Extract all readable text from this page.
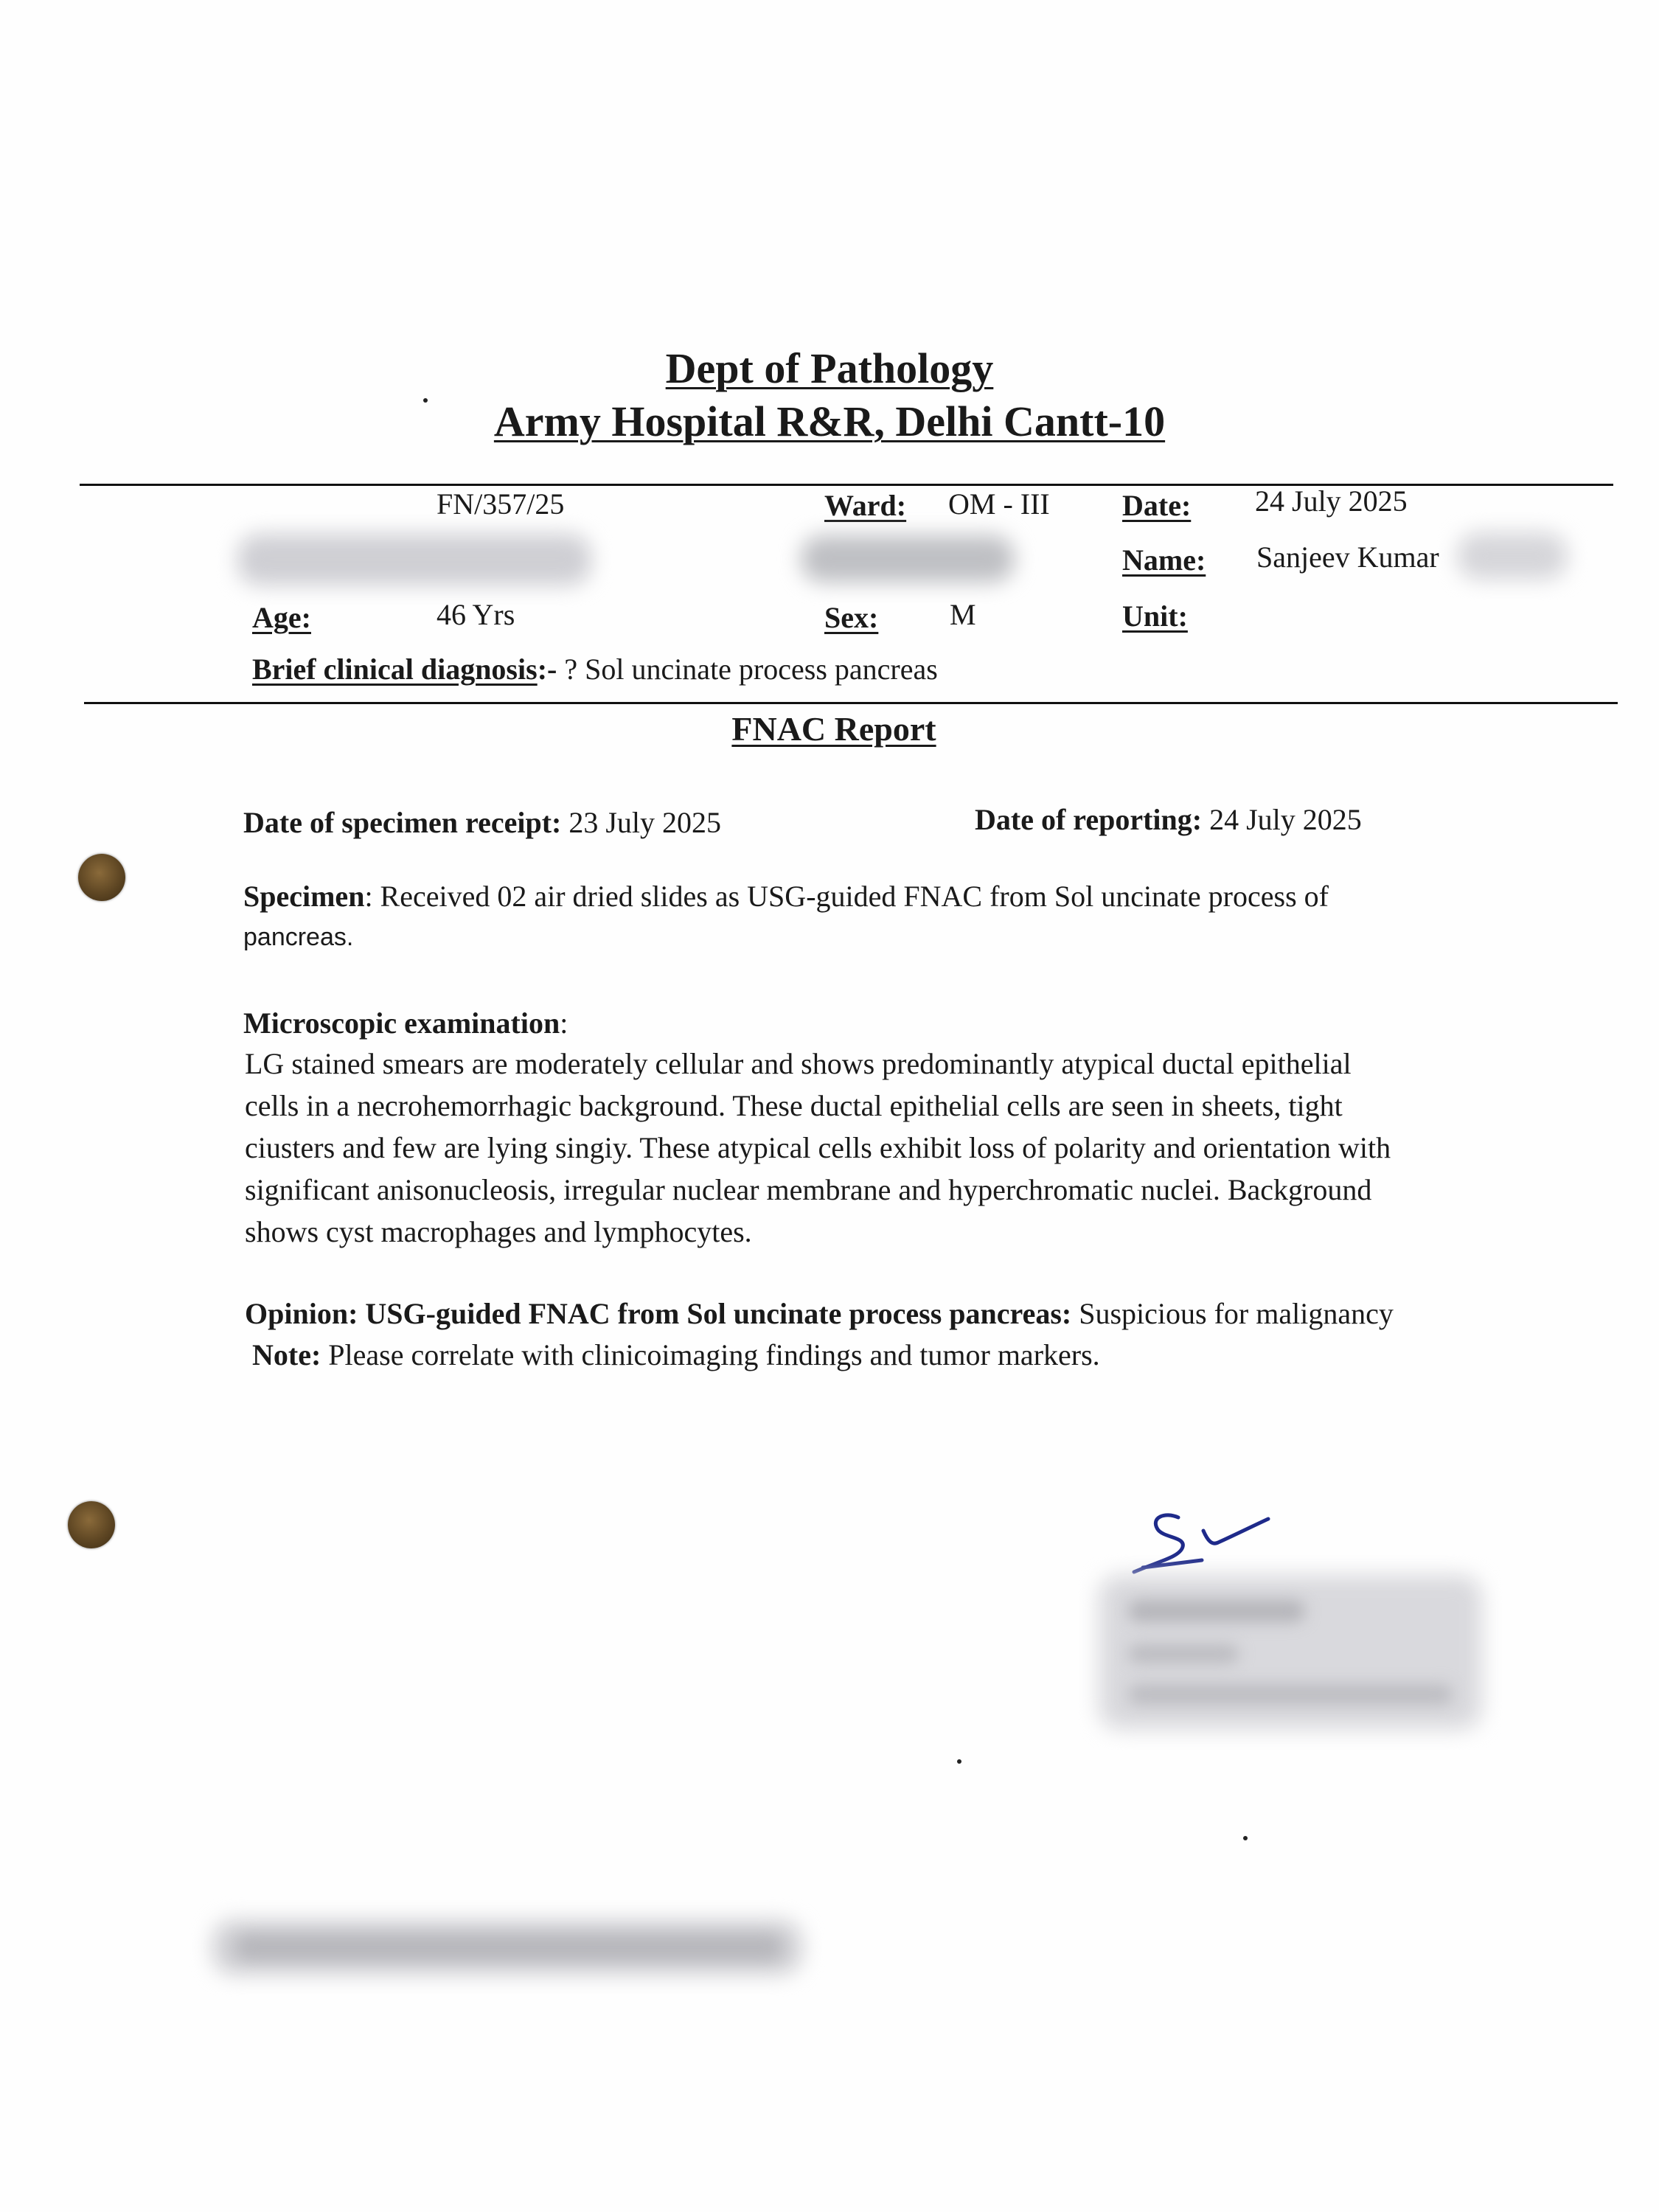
Dept of Pathology
Army Hospital R&R, Delhi Cantt-10
FN/357/25	Ward: OM - III Date: 24 July 2025
Name: Sanjeev Kumar
Age:	46 Yrs	Sex: M	Unit:
Brief clinical diagnosis:- ? Sol uncinate process pancreas
FNAC Report
Date of specimen receipt: 23 July 2025	Date of reporting: 24 July 2025
Specimen: Received 02 air dried slides as USG-guided FNAC from Sol uncinate process of
pancreas.
Microscopic examination:
LG stained smears are moderately cellular and shows predominantly atypical ductal epithelial
cells in a necrohemorrhagic background. These ductal epithelial cells are seen in sheets, tight
ciusters and few are lying singiy. These atypical cells exhibit loss of polarity and orientation with
significant anisonucleosis, irregular nuclear membrane and hyperchromatic nuclei. Background
shows cyst macrophages and lymphocytes.
Opinion: USG-guided FNAC from Sol uncinate process pancreas: Suspicious for malignancy
Note: Please correlate with clinicoimaging findings and tumor markers.
